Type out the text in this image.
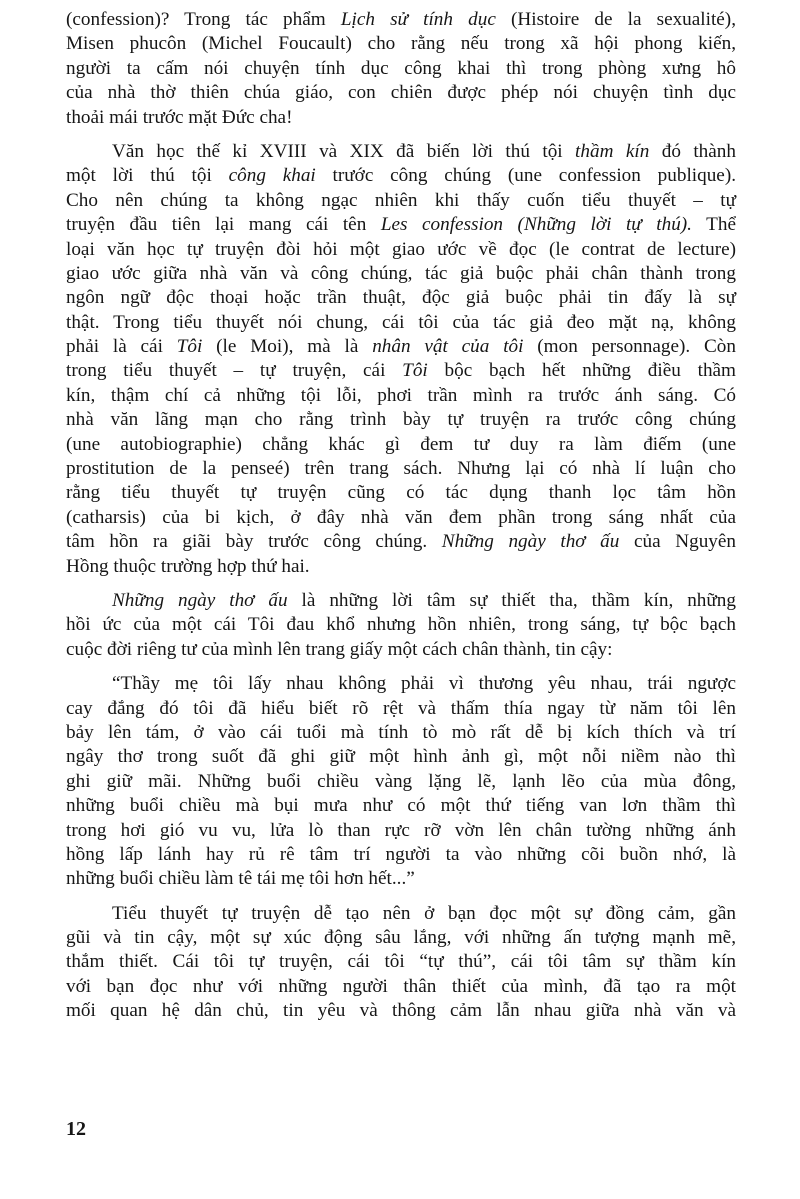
(confession)? Trong tác phẩm Lịch sử tính dục (Histoire de la sexualité),
Misen phucôn (Michel Foucault) cho rằng nếu trong xã hội phong kiến,
người ta cấm nói chuyện tính dục công khai thì trong phòng xưng hô
của nhà thờ thiên chúa giáo, con chiên được phép nói chuyện tình dục
thoải mái trước mặt Đức cha!
Văn học thế kỉ XVIII và XIX đã biến lời thú tội thầm kín đó thành
một lời thú tội công khai trước công chúng (une confession publique).
Cho nên chúng ta không ngạc nhiên khi thấy cuốn tiểu thuyết – tự
truyện đầu tiên lại mang cái tên Les confession (Những lời tự thú). Thể
loại văn học tự truyện đòi hỏi một giao ước về đọc (le contrat de lecture)
giao ước giữa nhà văn và công chúng, tác giả buộc phải chân thành trong
ngôn ngữ độc thoại hoặc trần thuật, độc giả buộc phải tin đấy là sự
thật. Trong tiểu thuyết nói chung, cái tôi của tác giả đeo mặt nạ, không
phải là cái Tôi (le Moi), mà là nhân vật của tôi (mon personnage). Còn
trong tiểu thuyết – tự truyện, cái Tôi bộc bạch hết những điều thầm
kín, thậm chí cả những tội lỗi, phơi trần mình ra trước ánh sáng. Có
nhà văn lãng mạn cho rằng trình bày tự truyện ra trước công chúng
(une autobiographie) chẳng khác gì đem tư duy ra làm điếm (une
prostitution de la penseé) trên trang sách. Nhưng lại có nhà lí luận cho
rằng tiểu thuyết tự truyện cũng có tác dụng thanh lọc tâm hồn
(catharsis) của bi kịch, ở đây nhà văn đem phần trong sáng nhất của
tâm hồn ra giãi bày trước công chúng. Những ngày thơ ấu của Nguyên
Hồng thuộc trường hợp thứ hai.
Những ngày thơ ấu là những lời tâm sự thiết tha, thầm kín, những
hồi ức của một cái Tôi đau khổ nhưng hồn nhiên, trong sáng, tự bộc bạch
cuộc đời riêng tư của mình lên trang giấy một cách chân thành, tin cậy:
“Thầy mẹ tôi lấy nhau không phải vì thương yêu nhau, trái ngược
cay đắng đó tôi đã hiểu biết rõ rệt và thấm thía ngay từ năm tôi lên
bảy lên tám, ở vào cái tuổi mà tính tò mò rất dễ bị kích thích và trí
ngây thơ trong suốt đã ghi giữ một hình ảnh gì, một nỗi niềm nào thì
ghi giữ mãi. Những buổi chiều vàng lặng lẽ, lạnh lẽo của mùa đông,
những buổi chiều mà bụi mưa như có một thứ tiếng van lơn thầm thì
trong hơi gió vu vu, lửa lò than rực rỡ vờn lên chân tường những ánh
hồng lấp lánh hay rủ rê tâm trí người ta vào những cõi buồn nhớ, là
những buổi chiều làm tê tái mẹ tôi hơn hết...”
Tiểu thuyết tự truyện dễ tạo nên ở bạn đọc một sự đồng cảm, gần
gũi và tin cậy, một sự xúc động sâu lắng, với những ấn tượng mạnh mẽ,
thắm thiết. Cái tôi tự truyện, cái tôi “tự thú”, cái tôi tâm sự thầm kín
với bạn đọc như với những người thân thiết của mình, đã tạo ra một
mối quan hệ dân chủ, tin yêu và thông cảm lẫn nhau giữa nhà văn và
12
